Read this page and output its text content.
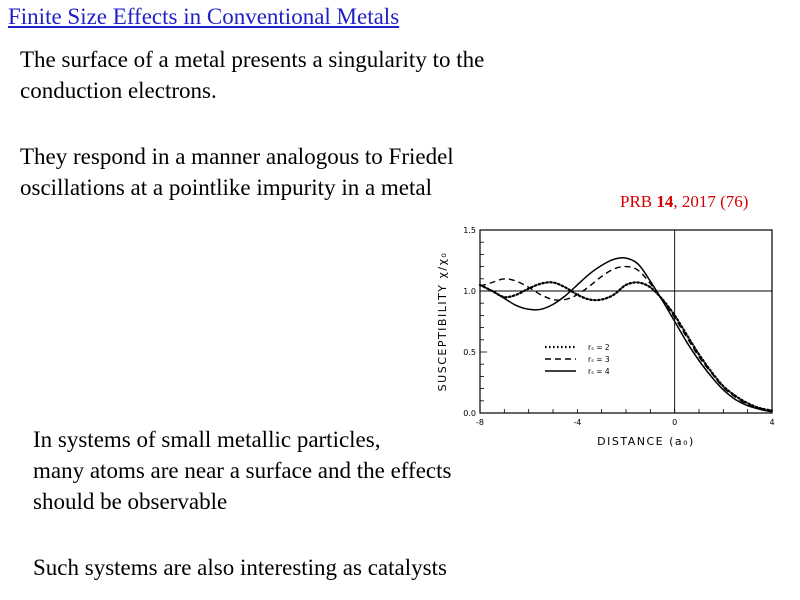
Finite Size Effects in Conventional Metals
The surface of a metal presents a singularity to the
conduction electrons.
They respond in a manner analogous to Friedel
oscillations at a pointlike impurity in a metal
PRB 14, 2017 (76)
-8	-4	0	4
0.0
0.5
1.0
1.5
DISTANCE (a₀)
SUSCEPTIBILITY χ/χ₀	rₛ = 2
rₛ = 3
rₛ = 4
In systems of small metallic particles,
many atoms are near a surface and the effects
should be observable
Such systems are also interesting as catalysts
